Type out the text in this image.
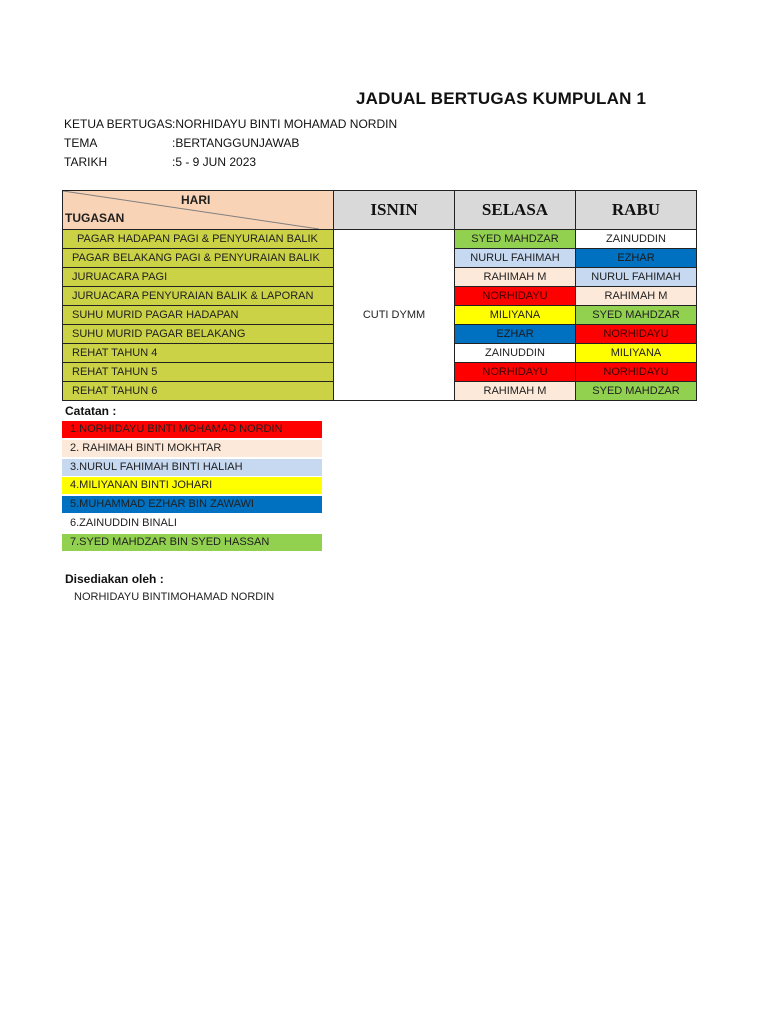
JADUAL BERTUGAS KUMPULAN 1
KETUA BERTUGAS :NORHIDAYU BINTI MOHAMAD NORDIN
TEMA	:BERTANGGUNJAWAB
TARIKH	:5 - 9 JUN 2023
HARI
TUGASAN	ISNIN	SELASA	RABU
PAGAR HADAPAN PAGI & PENYURAIAN BALIK	CUTI DYMM	SYED MAHDZAR	ZAINUDDIN
PAGAR BELAKANG PAGI & PENYURAIAN BALIK		NURUL FAHIMAH	EZHAR
JURUACARA PAGI		RAHIMAH M	NURUL FAHIMAH
JURUACARA PENYURAIAN BALIK & LAPORAN		NORHIDAYU	RAHIMAH M
SUHU MURID PAGAR HADAPAN		MILIYANA	SYED MAHDZAR
SUHU MURID PAGAR BELAKANG		EZHAR	NORHIDAYU
REHAT TAHUN 4		ZAINUDDIN	MILIYANA
REHAT TAHUN 5		NORHIDAYU	NORHIDAYU
REHAT TAHUN 6		RAHIMAH M	SYED MAHDZAR
Catatan :
1.NORHIDAYU BINTI MOHAMAD NORDIN
2. RAHIMAH BINTI MOKHTAR
3.NURUL FAHIMAH BINTI HALIAH
4.MILIYANAN BINTI JOHARI
5.MUHAMMAD EZHAR BIN ZAWAWI
6.ZAINUDDIN BINALI
7.SYED MAHDZAR BIN SYED HASSAN
Disediakan oleh :
NORHIDAYU BINTIMOHAMAD NORDIN
